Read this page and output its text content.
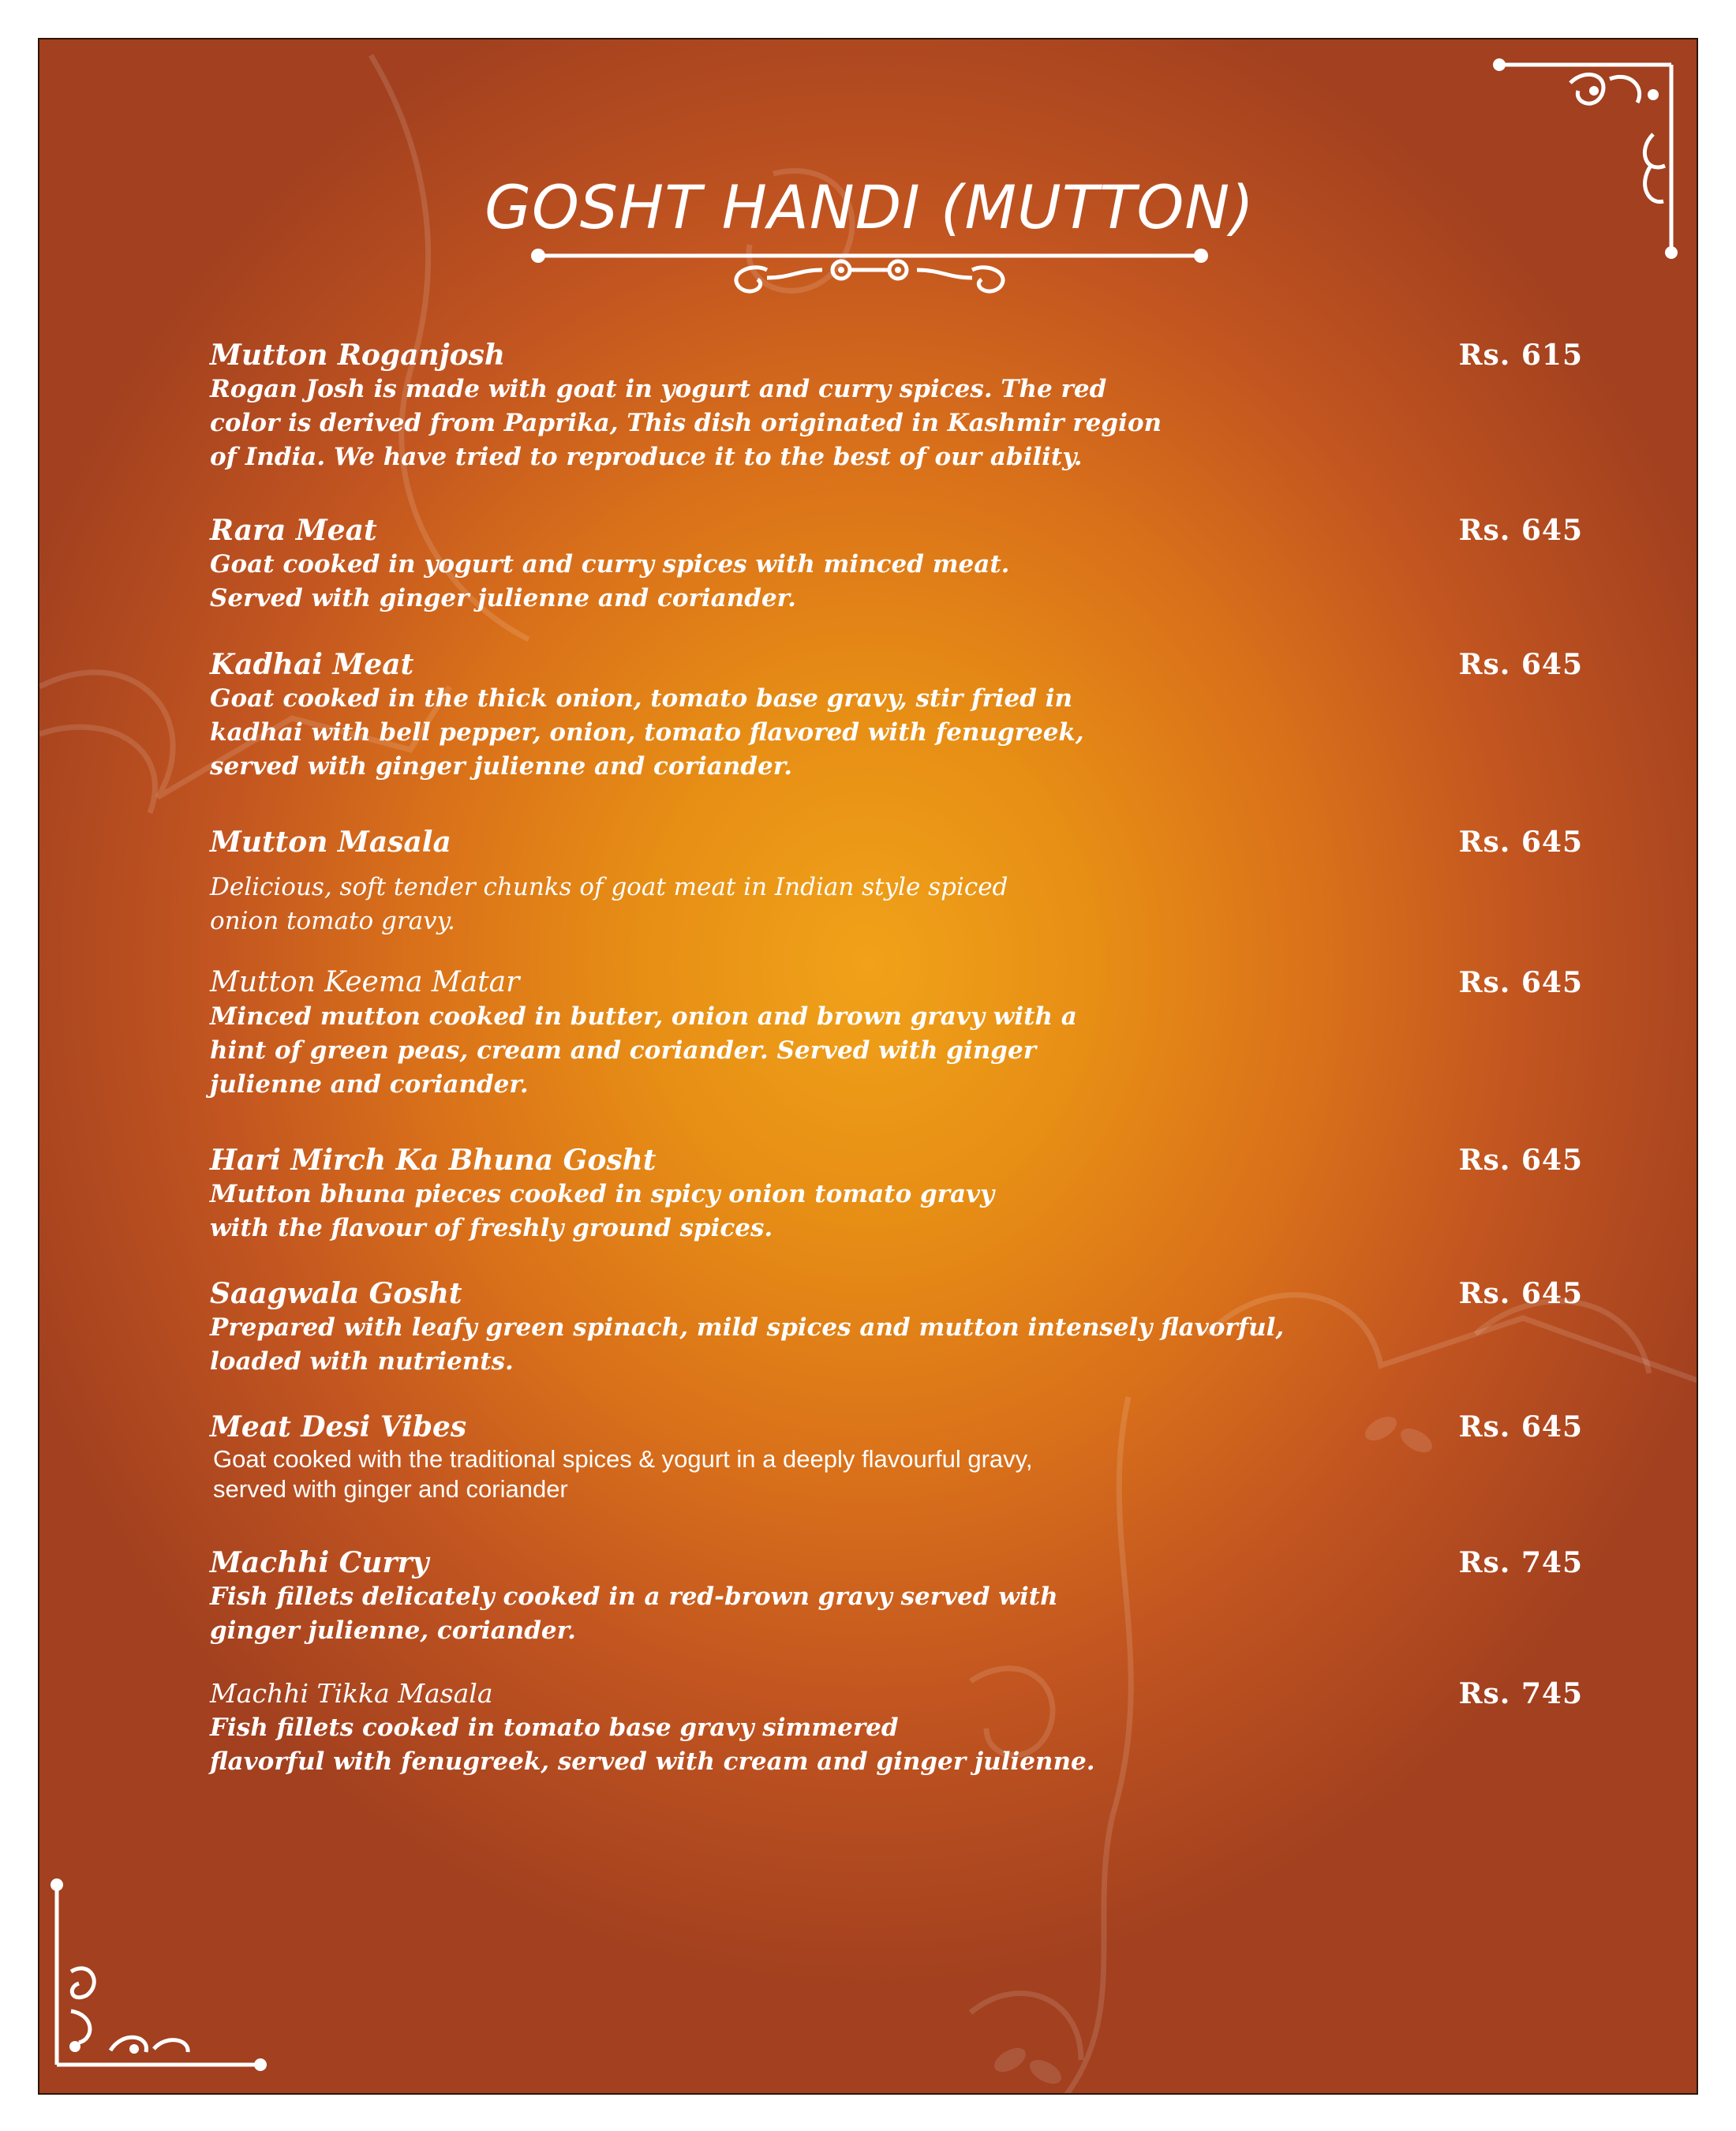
GOSHT HANDI (MUTTON)
Mutton Roganjosh
Rogan Josh is made with goat in yogurt and curry spices. The red
color is derived from Paprika, This dish originated in Kashmir region
of India. We have tried to reproduce it to the best of our ability.
Rs. 615
Rara Meat
Goat cooked in yogurt and curry spices with minced meat.
Served with ginger julienne and coriander.
Rs. 645
Kadhai Meat
Goat cooked in the thick onion, tomato base gravy, stir fried in
kadhai with bell pepper, onion, tomato flavored with fenugreek,
served with ginger julienne and coriander.
Rs. 645
Mutton Masala
Delicious, soft tender chunks of goat meat in Indian style spiced
onion tomato gravy.
Rs. 645
Mutton Keema Matar
Minced mutton cooked in butter, onion and brown gravy with a
hint of green peas, cream and coriander. Served with ginger
julienne and coriander.
Rs. 645
Hari Mirch Ka Bhuna Gosht
Mutton bhuna pieces cooked in spicy onion tomato gravy
with the flavour of freshly ground spices.
Rs. 645
Saagwala Gosht
Prepared with leafy green spinach, mild spices and mutton intensely flavorful,
loaded with nutrients.
Rs. 645
Meat Desi Vibes
Goat cooked with the traditional spices & yogurt in a deeply flavourful gravy,
served with ginger and coriander
Rs. 645
Machhi Curry
Fish fillets delicately cooked in a red-brown gravy served with
ginger julienne, coriander.
Rs. 745
Machhi Tikka Masala
Fish fillets cooked in tomato base gravy simmered
flavorful with fenugreek, served with cream and ginger julienne.
Rs. 745
